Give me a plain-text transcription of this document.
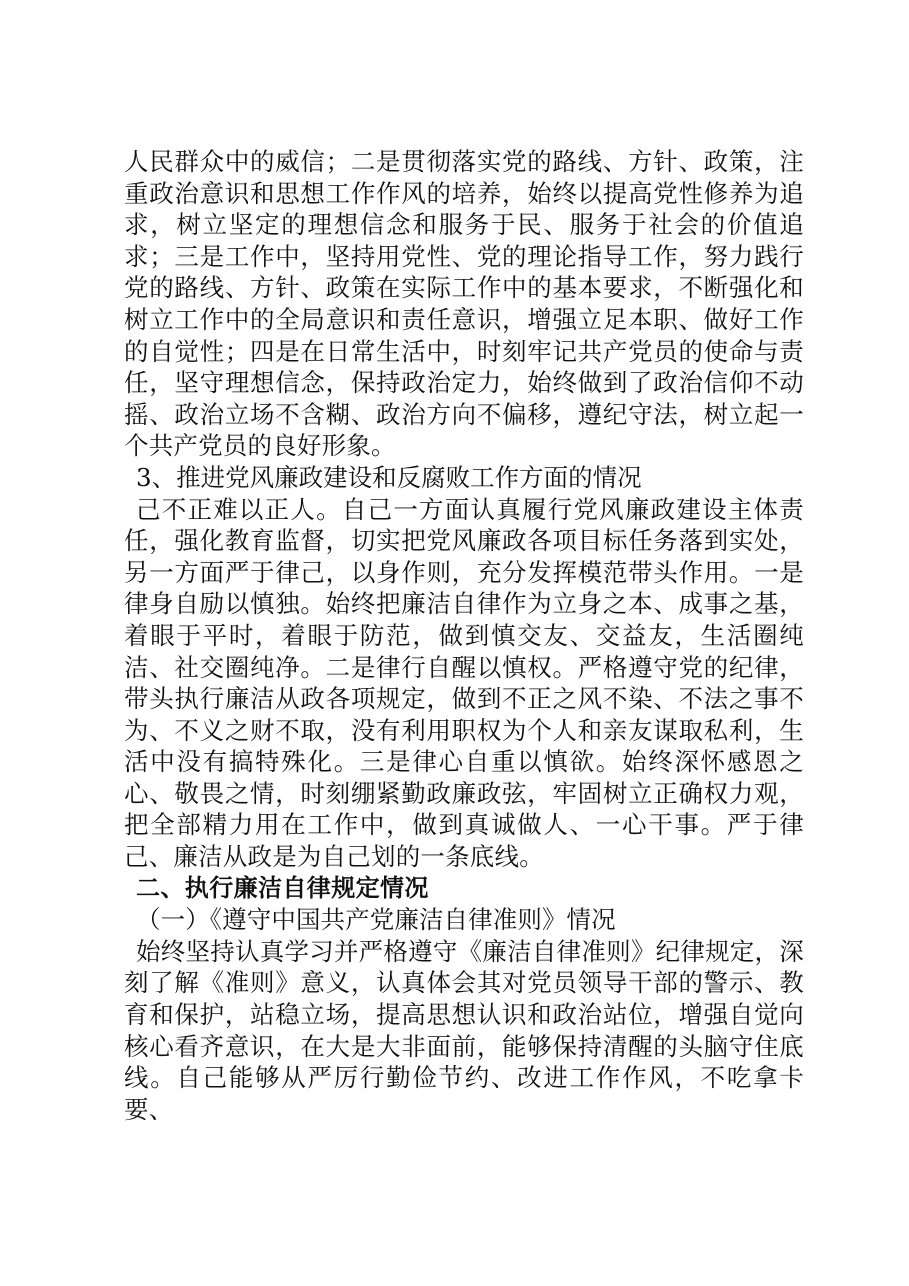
人民群众中的威信；二是贯彻落实党的路线、方针、政策，注重政治意识和思想工作作风的培养，始终以提高党性修养为追求，树立坚定的理想信念和服务于民、服务于社会的价值追求；三是工作中，坚持用党性、党的理论指导工作，努力践行党的路线、方针、政策在实际工作中的基本要求，不断强化和树立工作中的全局意识和责任意识，增强立足本职、做好工作的自觉性；四是在日常生活中，时刻牢记共产党员的使命与责任，坚守理想信念，保持政治定力，始终做到了政治信仰不动摇、政治立场不含糊、政治方向不偏移，遵纪守法，树立起一个共产党员的良好形象。

3、推进党风廉政建设和反腐败工作方面的情况

己不正难以正人。自己一方面认真履行党风廉政建设主体责任，强化教育监督，切实把党风廉政各项目标任务落到实处，另一方面严于律己，以身作则，充分发挥模范带头作用。一是律身自励以慎独。始终把廉洁自律作为立身之本、成事之基，着眼于平时，着眼于防范，做到慎交友、交益友，生活圈纯洁、社交圈纯净。二是律行自醒以慎权。严格遵守党的纪律，带头执行廉洁从政各项规定，做到不正之风不染、不法之事不为、不义之财不取，没有利用职权为个人和亲友谋取私利，生活中没有搞特殊化。三是律心自重以慎欲。始终深怀感恩之心、敬畏之情，时刻绷紧勤政廉政弦，牢固树立正确权力观，把全部精力用在工作中，做到真诚做人、一心干事。严于律己、廉洁从政是为自己划的一条底线。

二、执行廉洁自律规定情况

（一）《遵守中国共产党廉洁自律准则》情况

始终坚持认真学习并严格遵守《廉洁自律准则》纪律规定，深刻了解《准则》意义，认真体会其对党员领导干部的警示、教育和保护，站稳立场，提高思想认识和政治站位，增强自觉向核心看齐意识，在大是大非面前，能够保持清醒的头脑守住底线。自己能够从严厉行勤俭节约、改进工作作风，不吃拿卡要、
